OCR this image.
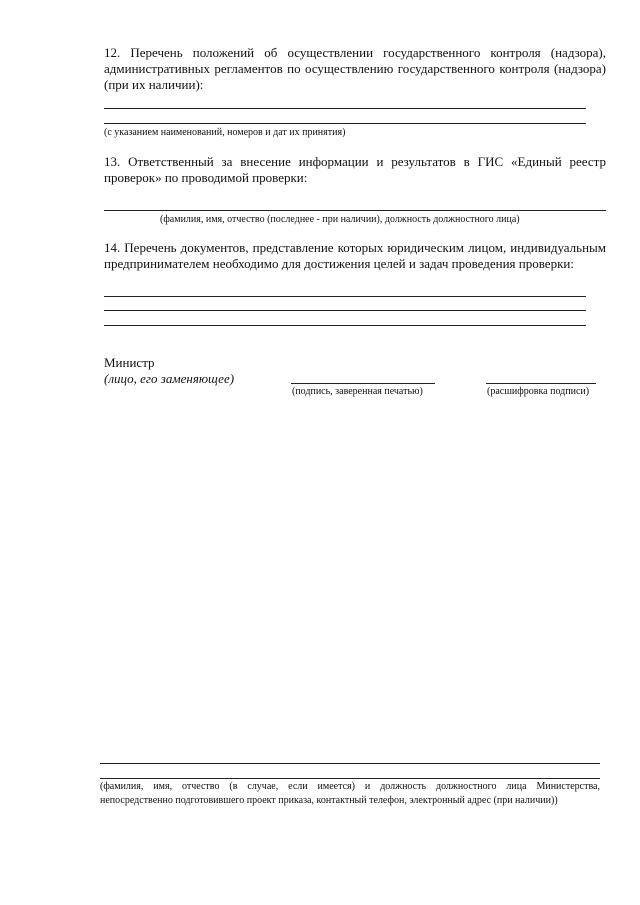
12. Перечень положений об осуществлении государственного контроля (надзора), административных регламентов по осуществлению государственного контроля (надзора) (при их наличии):
(с указанием наименований, номеров и дат их принятия)
13. Ответственный за внесение информации и результатов в ГИС «Единый реестр проверок» по проводимой проверки:
(фамилия, имя, отчество (последнее - при наличии), должность должностного лица)
14. Перечень документов, представление которых юридическим лицом, индивидуальным предпринимателем необходимо для достижения целей и задач проведения проверки:
Министр
(лицо, его заменяющее)
(подпись, заверенная печатью)	(расшифровка подписи)
(фамилия, имя, отчество (в случае, если имеется) и должность должностного лица Министерства,
непосредственно подготовившего проект приказа, контактный телефон, электронный адрес (при наличии))
